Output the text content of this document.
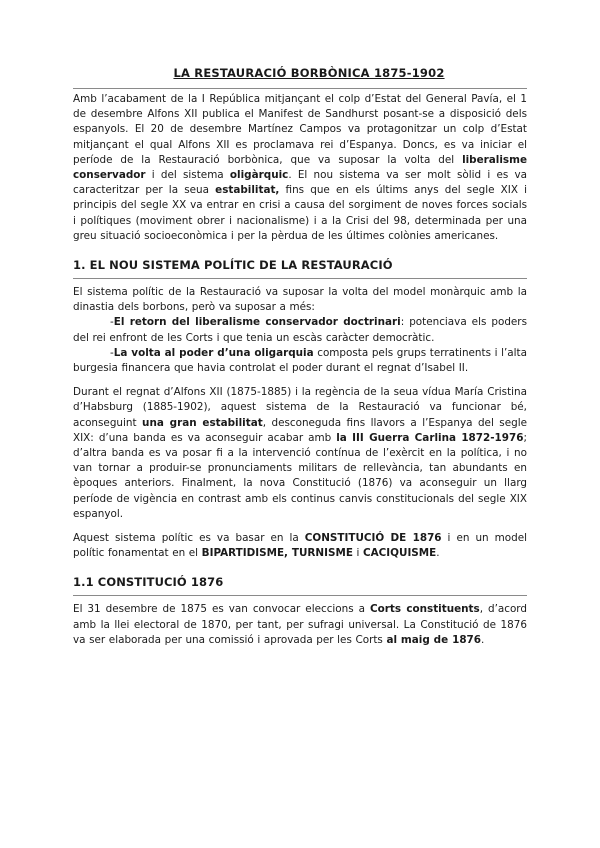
LA RESTAURACIÓ BORBÒNICA 1875-1902

Amb l’acabament de la I República mitjançant el colp d’Estat del General Pavía, el 1 de desembre Alfons XII publica el Manifest de Sandhurst posant-se a disposició dels espanyols. El 20 de desembre Martínez Campos va protagonitzar un colp d’Estat mitjançant el qual Alfons XII es proclamava rei d’Espanya. Doncs, es va iniciar el període de la Restauració borbònica, que va suposar la volta del liberalisme conservador i del sistema oligàrquic. El nou sistema va ser molt sòlid i es va caracteritzar per la seua estabilitat, fins que en els últims anys del segle XIX i principis del segle XX va entrar en crisi a causa del sorgiment de noves forces socials i polítiques (moviment obrer i nacionalisme) i a la Crisi del 98, determinada per una greu situació socioeconòmica i per la pèrdua de les últimes colònies americanes.

1. EL NOU SISTEMA POLÍTIC DE LA RESTAURACIÓ

El sistema polític de la Restauració va suposar la volta del model monàrquic amb la dinastia dels borbons, però va suposar a més:

-El retorn del liberalisme conservador doctrinari: potenciava els poders del rei enfront de les Corts i que tenia un escàs caràcter democràtic.

-La volta al poder d’una oligarquia composta pels grups terratinents i l’alta burgesia financera que havia controlat el poder durant el regnat d’Isabel II.

Durant el regnat d’Alfons XII (1875-1885) i la regència de la seua vídua María Cristina d’Habsburg (1885-1902), aquest sistema de la Restauració va funcionar bé, aconseguint una gran estabilitat, desconeguda fins llavors a l’Espanya del segle XIX: d’una banda es va aconseguir acabar amb la III Guerra Carlina 1872-1976; d’altra banda es va posar fi a la intervenció contínua de l’exèrcit en la política, i no van tornar a produir-se pronunciaments militars de rellevància, tan abundants en èpoques anteriors. Finalment, la nova Constitució (1876) va aconseguir un llarg període de vigència en contrast amb els continus canvis constitucionals del segle XIX espanyol.

Aquest sistema polític es va basar en la CONSTITUCIÓ DE 1876 i en un model polític fonamentat en el BIPARTIDISME, TURNISME i CACIQUISME.

1.1 CONSTITUCIÓ 1876

El 31 desembre de 1875 es van convocar eleccions a Corts constituents, d’acord amb la llei electoral de 1870, per tant, per sufragi universal. La Constitució de 1876 va ser elaborada per una comissió i aprovada per les Corts al maig de 1876.
